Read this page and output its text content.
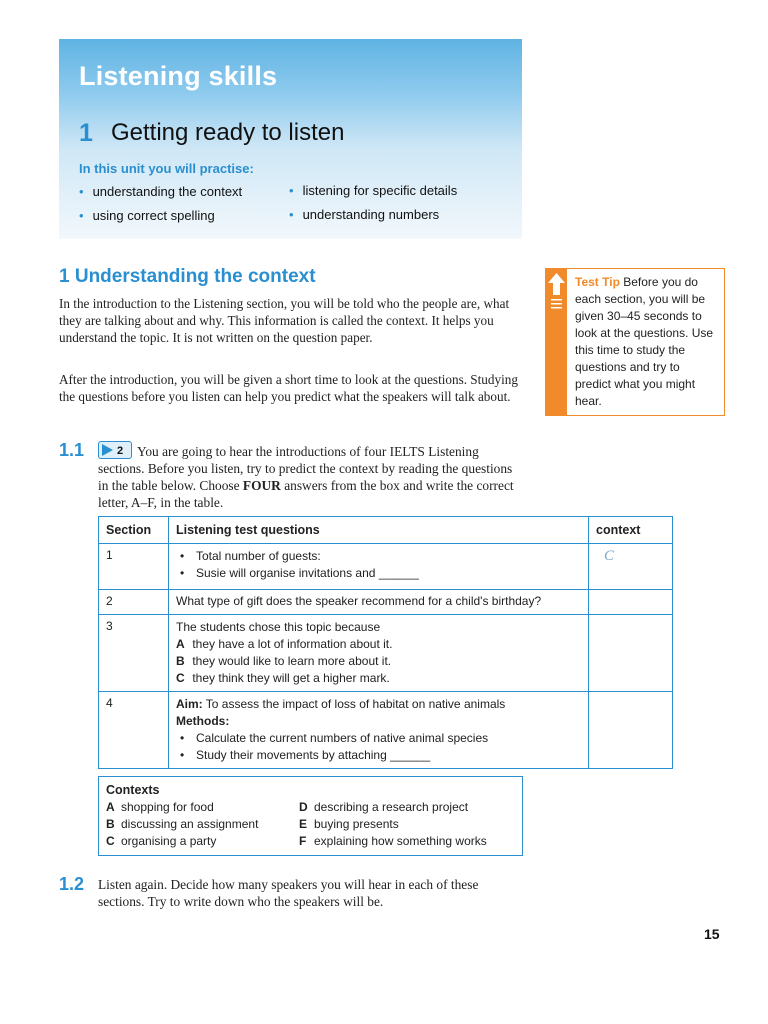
Listening skills
1 Getting ready to listen
In this unit you will practise:
• understanding the context	• listening for specific details
• using correct spelling	• understanding numbers
1 Understanding the context
In the introduction to the Listening section, you will be told who the people are, what they are talking about and why. This information is called the context. It helps you understand the topic. It is not written on the question paper.
After the introduction, you will be given a short time to look at the questions. Studying the questions before you listen can help you predict what the speakers will talk about.
Test Tip Before you do each section, you will be given 30–45 seconds to look at the questions. Use this time to study the questions and try to predict what you might hear.
1.1	2 You are going to hear the introductions of four IELTS Listening sections. Before you listen, try to predict the context by reading the questions in the table below. Choose FOUR answers from the box and write the correct letter, A–F, in the table.
Section	Listening test questions	context
1	• Total number of guests:
• Susie will organise invitations and ______	C

2	What type of gift does the speaker recommend for a child's birthday?	
3	The students chose this topic because
A they have a lot of information about it.
B they would like to learn more about it.
C they think they will get a higher mark.	

4	Aim: To assess the impact of loss of habitat on native animals
Methods:
• Calculate the current numbers of native animal species
• Study their movements by attaching ______	

Contexts
A shopping for food
B discussing an assignment
C organising a party
D describing a research project
E buying presents
F explaining how something works
1.2 Listen again. Decide how many speakers you will hear in each of these sections. Try to write down who the speakers will be.
15
